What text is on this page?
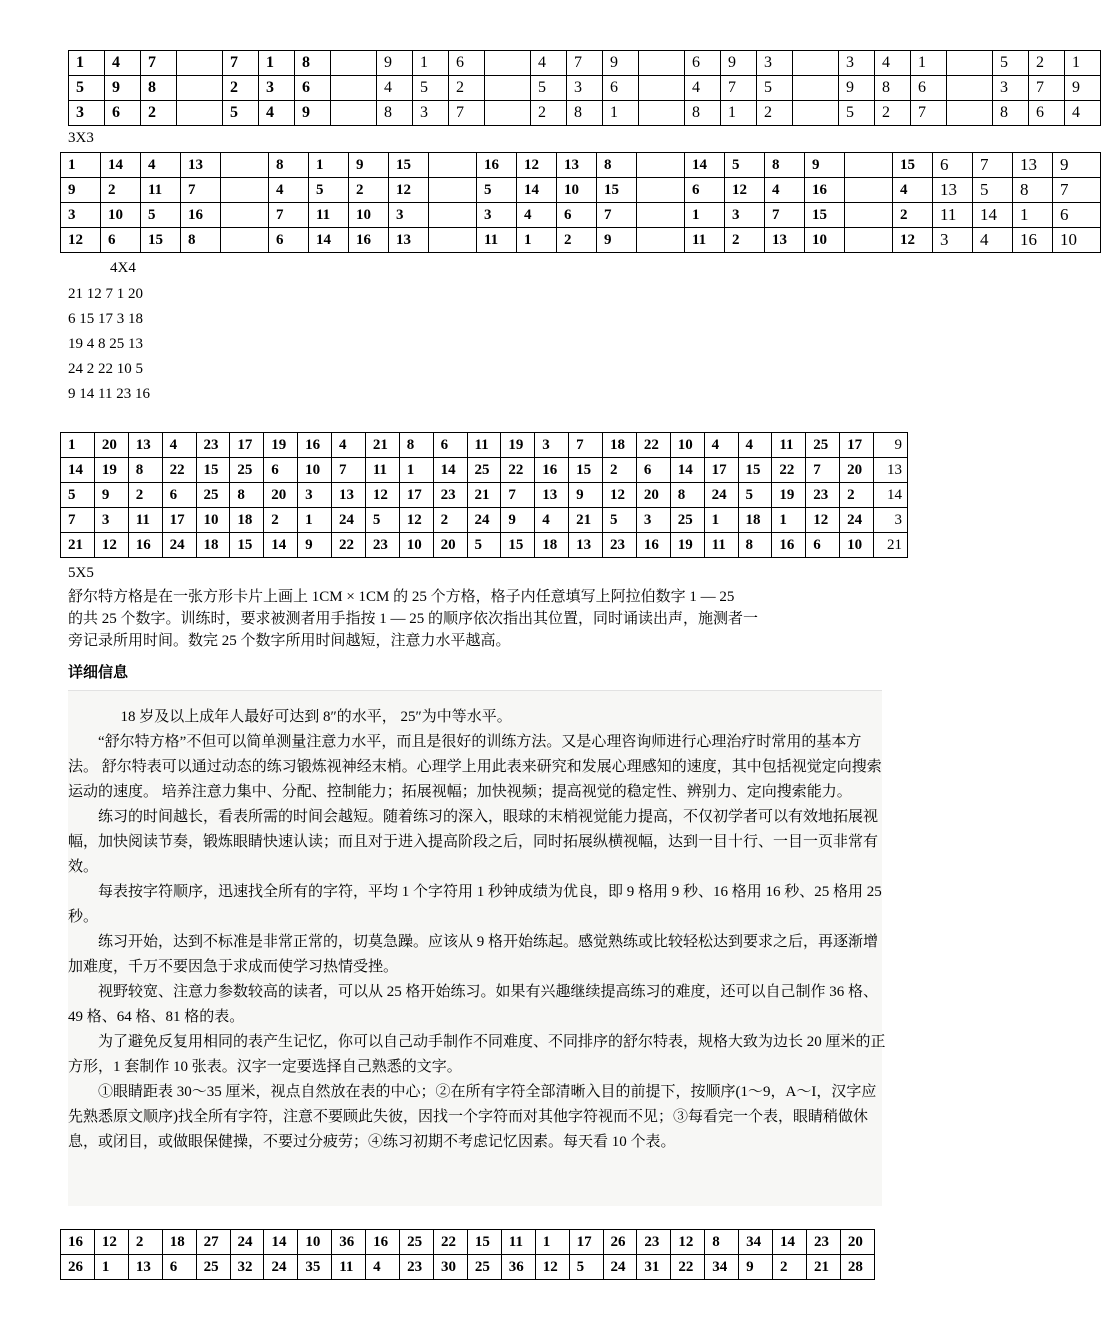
1	4	7		7	1	8		9	1	6		4	7	9		6	9	3		3	4	1		5	2	1
5	9	8		2	3	6		4	5	2		5	3	6		4	7	5		9	8	6		3	7	9
3	6	2		5	4	9		8	3	7		2	8	1		8	1	2		5	2	7		8	6	4
3X3
1	14	4	13		8	1	9	15		16	12	13	8		14	5	8	9		15	6	7	13	9
9	2	11	7		4	5	2	12		5	14	10	15		6	12	4	16		4	13	5	8	7
3	10	5	16		7	11	10	3		3	4	6	7		1	3	7	15		2	11	14	1	6
12	6	15	8		6	14	16	13		11	1	2	9		11	2	13	10		12	3	4	16	10
4X4
21 12 7 1 20
6 15 17 3 18
19 4 8 25 13
24 2 22 10 5
9 14 11 23 16
1	20	13	4	23	17	19	16	4	21	8	6	11	19	3	7	18	22	10	4	4	11	25	17	9
14	19	8	22	15	25	6	10	7	11	1	14	25	22	16	15	2	6	14	17	15	22	7	20	13
5	9	2	6	25	8	20	3	13	12	17	23	21	7	13	9	12	20	8	24	5	19	23	2	14
7	3	11	17	10	18	2	1	24	5	12	2	24	9	4	21	5	3	25	1	18	1	12	24	3
21	12	16	24	18	15	14	9	22	23	10	20	5	15	18	13	23	16	19	11	8	16	6	10	21
5X5

舒尔特方格是在一张方形卡片上画上 1CM × 1CM 的 25 个方格，格子内任意填写上阿拉伯数字 1 — 25

的共 25 个数字。训练时，要求被测者用手指按 1 — 25 的顺序依次指出其位置，同时诵读出声，施测者一

旁记录所用时间。数完 25 个数字所用时间越短，注意力水平越高。

详细信息

18 岁及以上成年人最好可达到 8″的水平， 25″为中等水平。

“舒尔特方格”不但可以简单测量注意力水平，而且是很好的训练方法。又是心理咨询师进行心理治疗时常用的基本方法。 舒尔特表可以通过动态的练习锻炼视神经末梢。心理学上用此表来研究和发展心理感知的速度，其中包括视觉定向搜索运动的速度。 培养注意力集中、分配、控制能力；拓展视幅；加快视频；提高视觉的稳定性、辨别力、定向搜索能力。

练习的时间越长，看表所需的时间会越短。随着练习的深入，眼球的末梢视觉能力提高，不仅初学者可以有效地拓展视幅，加快阅读节奏，锻炼眼睛快速认读；而且对于进入提高阶段之后，同时拓展纵横视幅，达到一目十行、一目一页非常有效。

每表按字符顺序，迅速找全所有的字符，平均 1 个字符用 1 秒钟成绩为优良，即 9 格用 9 秒、16 格用 16 秒、25 格用 25 秒。

练习开始，达到不标准是非常正常的，切莫急躁。应该从 9 格开始练起。感觉熟练或比较轻松达到要求之后，再逐渐增加难度，千万不要因急于求成而使学习热情受挫。

视野较宽、注意力参数较高的读者，可以从 25 格开始练习。如果有兴趣继续提高练习的难度，还可以自己制作 36 格、49 格、64 格、81 格的表。

为了避免反复用相同的表产生记忆，你可以自己动手制作不同难度、不同排序的舒尔特表，规格大致为边长 20 厘米的正方形，1 套制作 10 张表。汉字一定要选择自己熟悉的文字。

①眼睛距表 30～35 厘米，视点自然放在表的中心；②在所有字符全部清晰入目的前提下，按顺序(1～9，A～I，汉字应先熟悉原文顺序)找全所有字符，注意不要顾此失彼，因找一个字符而对其他字符视而不见；③每看完一个表，眼睛稍做休息，或闭目，或做眼保健操，不要过分疲劳；④练习初期不考虑记忆因素。每天看 10 个表。

16	12	2	18	27	24	14	10	36	16	25	22	15	11	1	17	26	23	12	8	34	14	23	20
26	1	13	6	25	32	24	35	11	4	23	30	25	36	12	5	24	31	22	34	9	2	21	28
